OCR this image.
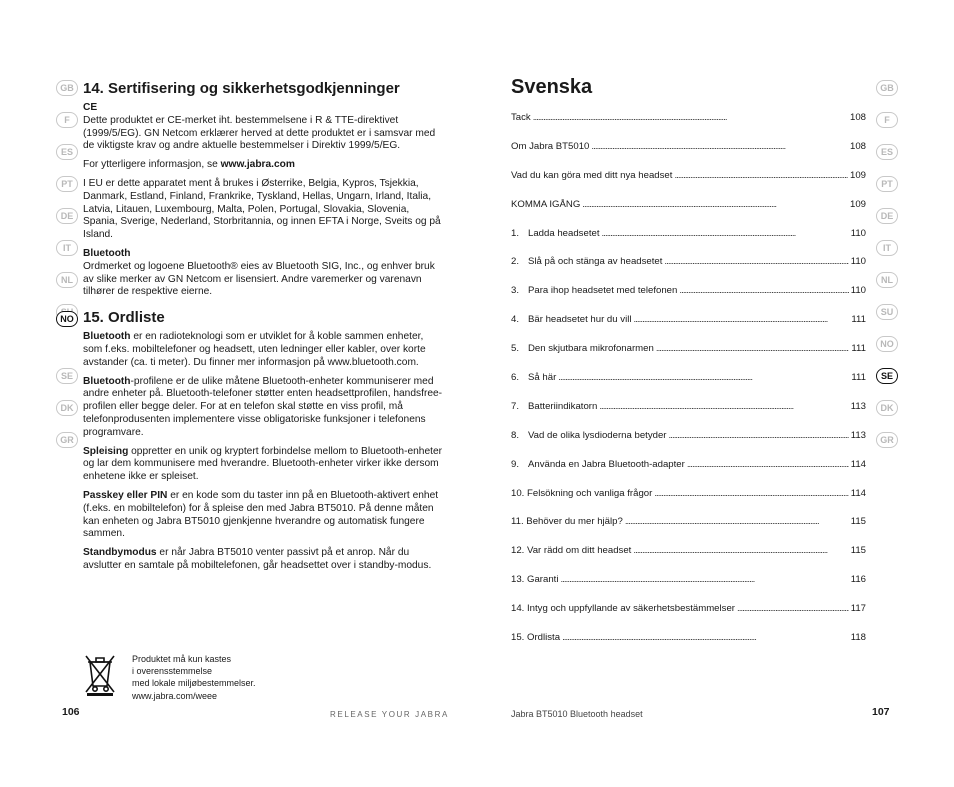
GB
F
ES
PT
DE
IT
NL
SE
DK
GR
GB
F
ES
PT
DE
IT
NL
SU
NO
SE
DK
GR
14. Sertifisering og sikkerhetsgodkjenninger
CE

Dette produktet er CE-merket iht. bestemmelsene i R & TTE-direktivet (1999/5/EG). GN Netcom erklærer herved at dette produktet er i samsvar med de viktigste krav og andre aktuelle bestemmelser i Direktiv 1999/5/EG.

For ytterligere informasjon, se www.jabra.com

I EU er dette apparatet ment å brukes i Østerrike, Belgia, Kypros, Tsjekkia, Danmark, Estland, Finland, Frankrike, Tyskland, Hellas, Ungarn, Irland, Italia, Latvia, Litauen, Luxembourg, Malta, Polen, Portugal, Slovakia, Slovenia, Spania, Sverige, Nederland, Storbritannia, og innen EFTA i Norge, Sveits og på Island.

Bluetooth

Ordmerket og logoene Bluetooth® eies av Bluetooth SIG, Inc., og enhver bruk av slike merker av GN Netcom er lisensiert. Andre varemerker og varenavn tilhører de respektive eierne.

NO 15. Ordliste

Bluetooth er en radioteknologi som er utviklet for å koble sammen enheter, som f.eks. mobiltelefoner og headsett, uten ledninger eller kabler, over korte avstander (ca. ti meter). Du finner mer informasjon på www.bluetooth.com.

Bluetooth-profilene er de ulike måtene Bluetooth-enheter kommuniserer med andre enheter på. Bluetooth-telefoner støtter enten headsettprofilen, handsfree-profilen eller begge deler. For at en telefon skal støtte en viss profil, må telefonprodusenten implementere visse obligatoriske funksjoner i telefonens programvare.

Spleising oppretter en unik og kryptert forbindelse mellom to Bluetooth-enheter og lar dem kommunisere med hverandre. Bluetooth-enheter virker ikke dersom enhetene ikke er spleiset.

Passkey eller PIN er en kode som du taster inn på en Bluetooth-aktivert enhet (f.eks. en mobiltelefon) for å spleise den med Jabra BT5010. På denne måten kan enheten og Jabra BT5010 gjenkjenne hverandre og automatisk fungere sammen.

Standbymodus er når Jabra BT5010 venter passivt på et anrop. Når du avslutter en samtale på mobiltelefonen, går headsettet over i standby-modus.

Produktet må kun kastes
i overensstemmelse
med lokale miljøbestemmelser.
www.jabra.com/weee
106	RELEASE YOUR JABRA	Jabra BT5010 Bluetooth headset	107
Svenska
Tack . . .	108
Om Jabra BT5010 . . .	108
Vad du kan göra med ditt nya headset . . .	109
KOMMA IGÅNG . . .	109
1. Ladda headsetet . . .	110
2. Slå på och stänga av headsetet . . .	110
3. Para ihop headsetet med telefonen . . .	110
4. Bär headsetet hur du vill . . .	111
5. Den skjutbara mikrofonarmen . . .	111
6. Så här . . .	111
7. Batteriindikatorn . . .	113
8. Vad de olika lysdioderna betyder . . .	113
9. Använda en Jabra Bluetooth-adapter . . .	114
10. Felsökning och vanliga frågor . . .	114
11. Behöver du mer hjälp? . . .	115
12. Var rädd om ditt headset . . .	115
13. Garanti . . .	116
14. Intyg och uppfyllande av säkerhetsbestämmelser . . .	117
15. Ordlista . . .	118
